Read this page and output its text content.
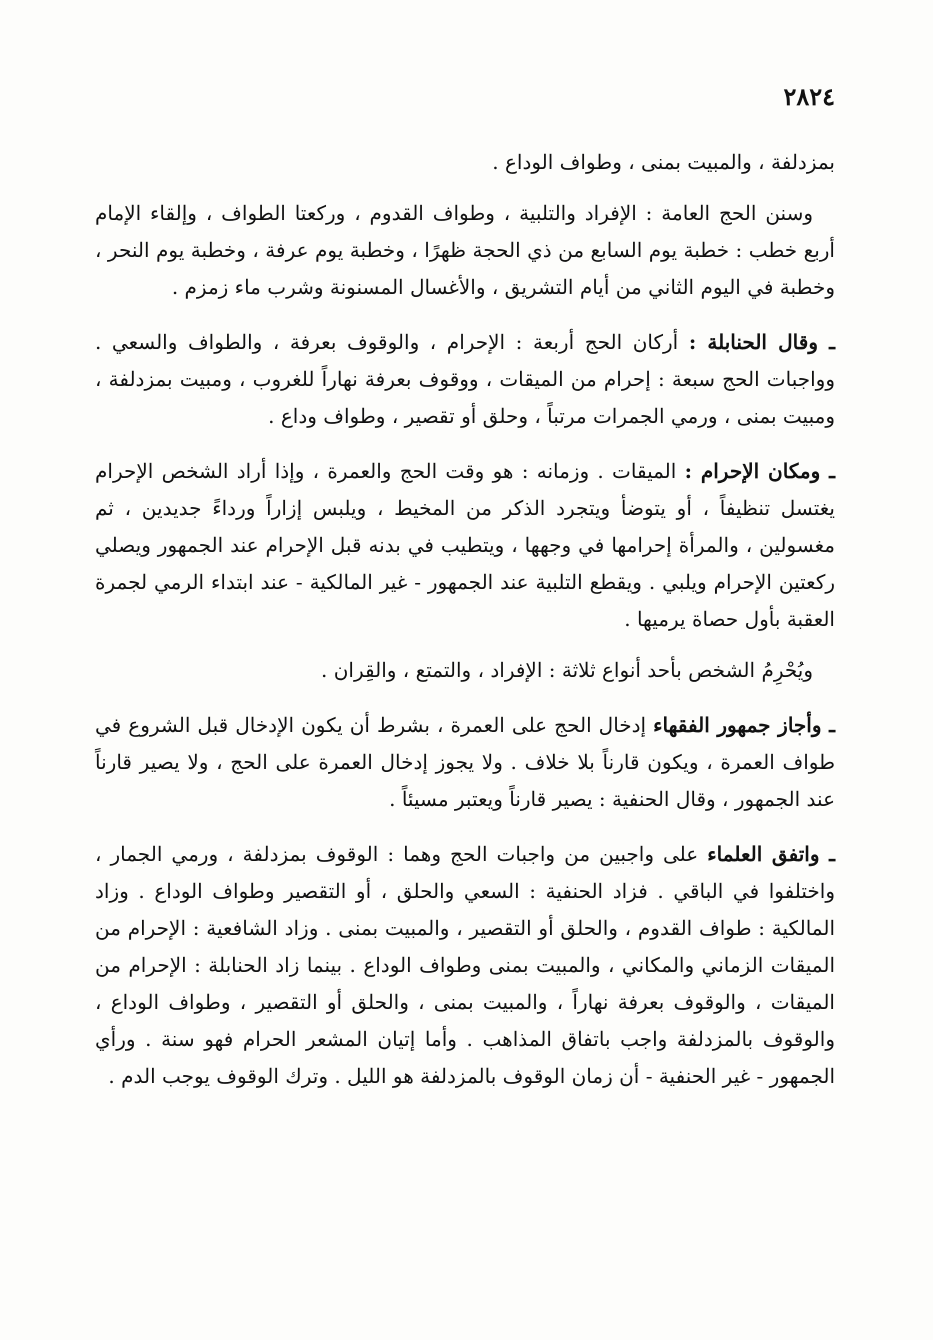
٢٨٢٤

بمزدلفة ، والمبيت بمنى ، وطواف الوداع .

وسنن الحج العامة : الإفراد والتلبية ، وطواف القدوم ، وركعتا الطواف ، وإلقاء الإمام أربع خطب : خطبة يوم السابع من ذي الحجة ظهرًا ، وخطبة يوم عرفة ، وخطبة يوم النحر ، وخطبة في اليوم الثاني من أيام التشريق ، والأغسال المسنونة وشرب ماء زمزم .

ـ وقال الحنابلة : أركان الحج أربعة : الإحرام ، والوقوف بعرفة ، والطواف والسعي . وواجبات الحج سبعة : إحرام من الميقات ، ووقوف بعرفة نهاراً للغروب ، ومبيت بمزدلفة ، ومبيت بمنى ، ورمي الجمرات مرتباً ، وحلق أو تقصير ، وطواف وداع .

ـ ومكان الإحرام : الميقات . وزمانه : هو وقت الحج والعمرة ، وإذا أراد الشخص الإحرام يغتسل تنظيفاً ، أو يتوضأ ويتجرد الذكر من المخيط ، ويلبس إزاراً ورداءً جديدين ، ثم مغسولين ، والمرأة إحرامها في وجهها ، ويتطيب في بدنه قبل الإحرام عند الجمهور ويصلي ركعتين الإحرام ويلبي . ويقطع التلبية عند الجمهور - غير المالكية - عند ابتداء الرمي لجمرة العقبة بأول حصاة يرميها .

ويُحْرِمُ الشخص بأحد أنواع ثلاثة : الإفراد ، والتمتع ، والقِران .

ـ وأجاز جمهور الفقهاء إدخال الحج على العمرة ، بشرط أن يكون الإدخال قبل الشروع في طواف العمرة ، ويكون قارناً بلا خلاف . ولا يجوز إدخال العمرة على الحج ، ولا يصير قارناً عند الجمهور ، وقال الحنفية : يصير قارناً ويعتبر مسيئاً .

ـ واتفق العلماء على واجبين من واجبات الحج وهما : الوقوف بمزدلفة ، ورمي الجمار ، واختلفوا في الباقي . فزاد الحنفية : السعي والحلق ، أو التقصير وطواف الوداع . وزاد المالكية : طواف القدوم ، والحلق أو التقصير ، والمبيت بمنى . وزاد الشافعية : الإحرام من الميقات الزماني والمكاني ، والمبيت بمنى وطواف الوداع . بينما زاد الحنابلة : الإحرام من الميقات ، والوقوف بعرفة نهاراً ، والمبيت بمنى ، والحلق أو التقصير ، وطواف الوداع ، والوقوف بالمزدلفة واجب باتفاق المذاهب . وأما إتيان المشعر الحرام فهو سنة . ورأي الجمهور - غير الحنفية - أن زمان الوقوف بالمزدلفة هو الليل . وترك الوقوف يوجب الدم .
